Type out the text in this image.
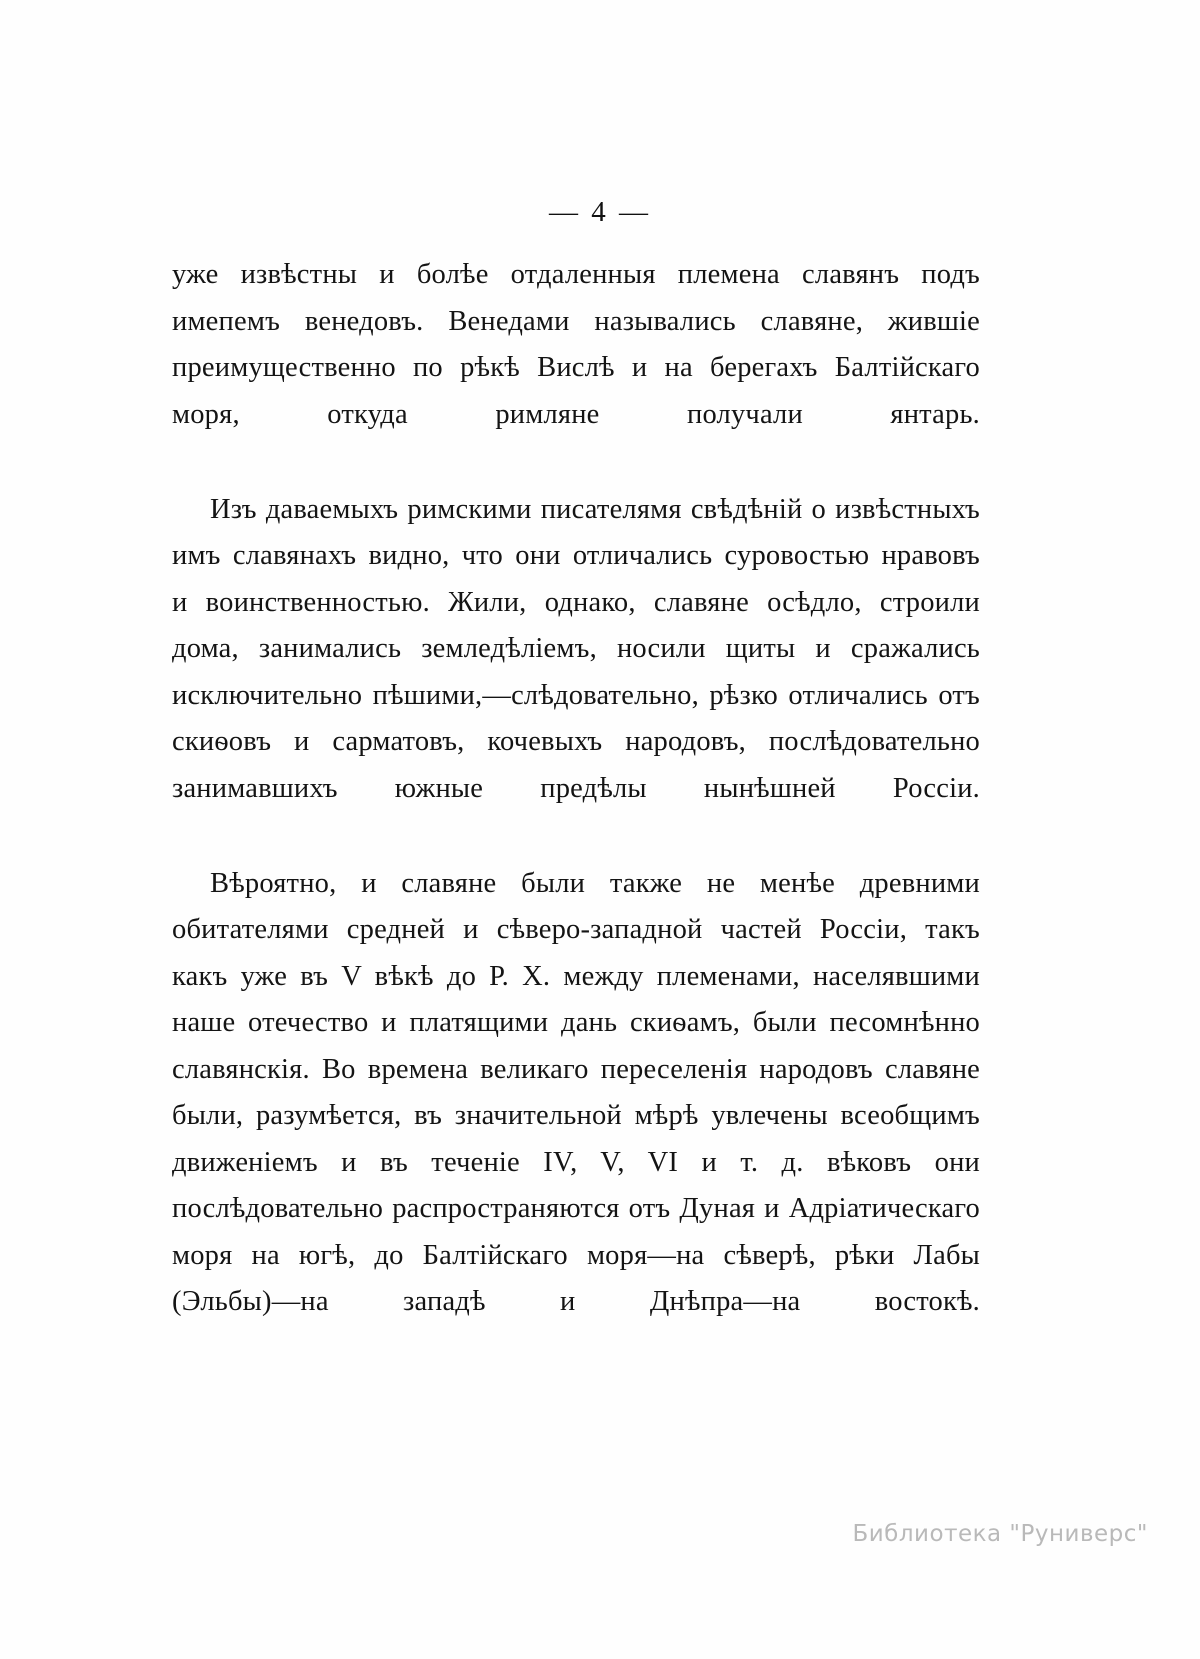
— 4 —

уже извѣстны и болѣе отдаленныя племена славянъ подъ имепемъ венедовъ. Венедами назывались славяне, жившіе преимущественно по рѣкѣ Вислѣ и на берегахъ Балтійскаго моря, откуда римляне получали янтарь.

Изъ даваемыхъ римскими писателямя свѣдѣній о извѣстныхъ имъ славянахъ видно, что они отличались суровостью нравовъ и воинственностью. Жили, однако, славяне осѣдло, строили дома, занимались земледѣліемъ, носили щиты и сражались исключительно пѣшими,—слѣдовательно, рѣзко отличались отъ скиѳовъ и сарматовъ, кочевыхъ народовъ, послѣдовательно занимавшихъ южные предѣлы нынѣшней Россіи.

Вѣроятно, и славяне были также не менѣе древними обитателями средней и сѣверо-западной частей Россіи, такъ какъ уже въ V вѣкѣ до Р. Х. между племенами, населявшими наше отечество и платящими дань скиѳамъ, были песомнѣнно славянскія. Во времена великаго переселенія народовъ славяне были, разумѣется, въ значительной мѣрѣ увлечены всеобщимъ движеніемъ и въ теченіе IV, V, VI и т. д. вѣковъ они послѣдовательно распространяются отъ Дуная и Адріатическаго моря на югѣ, до Балтійскаго моря—на сѣверѣ, рѣки Лабы (Эльбы)—на западѣ и Днѣпра—на востокѣ.

Библиотека "Руниверс"
